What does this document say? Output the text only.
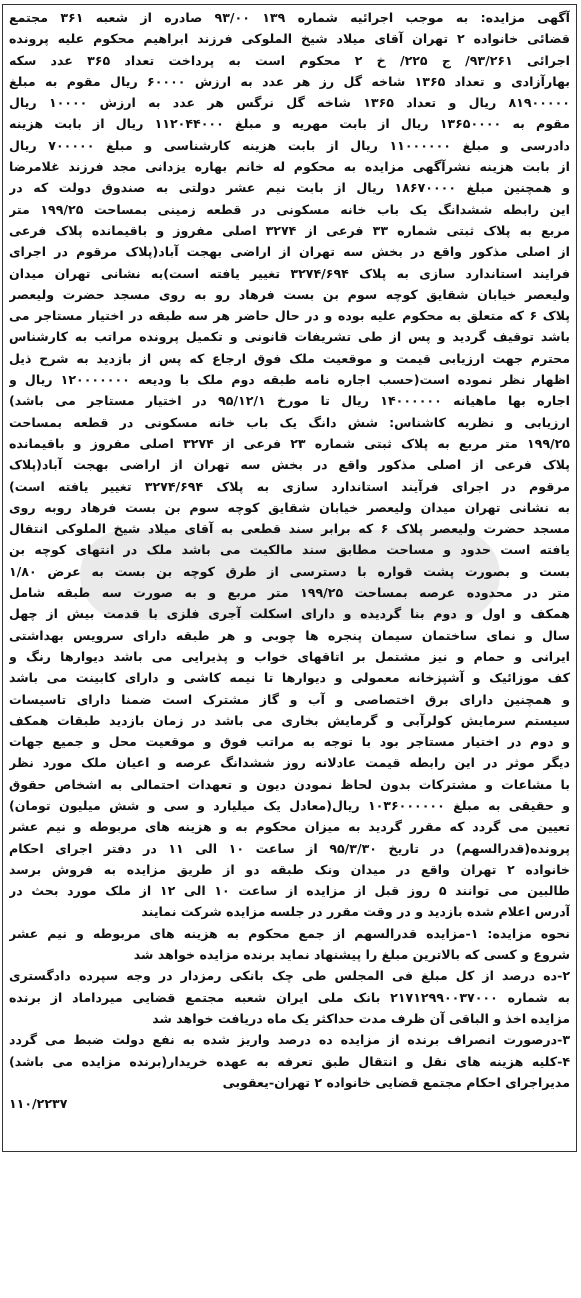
آگهی مزایده: به موجب اجرائیه شماره ۱۳۹ ۹۳/۰۰ صادره از شعبه ۳۶۱ مجتمع
قضائی خانواده ۲ تهران آقای میلاد شیخ الملوکی فرزند ابراهیم محکوم علیه پرونده
اجرائی ۹۳/۲۶۱/ ج ۲۲۵/ خ ۲ محکوم است به پرداخت تعداد ۳۶۵ عدد سکه
بهارآزادی و تعداد ۱۳۶۵ شاخه گل رز هر عدد به ارزش ۶۰۰۰۰ ریال مقوم به مبلغ
۸۱۹۰۰۰۰۰ ریال و تعداد ۱۳۶۵ شاخه گل نرگس هر عدد به ارزش ۱۰۰۰۰ ریال
مقوم به ۱۳۶۵۰۰۰۰ ریال از بابت مهریه و مبلغ ۱۱۲۰۴۴۰۰۰ ریال از بابت هزینه
دادرسی و مبلغ ۱۱۰۰۰۰۰۰ ریال از بابت هزینه کارشناسی و مبلغ ۷۰۰۰۰۰ ریال
از بابت هزینه نشرآگهی مزایده به محکوم له خانم بهاره یزدانی مجد فرزند غلامرضا
و همچنین مبلغ ۱۸۶۷۰۰۰۰ ریال از بابت نیم عشر دولتی به صندوق دولت که در
این رابطه ششدانگ یک باب خانه مسکونی در قطعه زمینی بمساحت ۱۹۹/۲۵ متر
مربع به پلاک ثبتی شماره ۳۳ فرعی از ۳۲۷۴ اصلی مفروز و باقیمانده پلاک فرعی
از اصلی مذکور واقع در بخش سه تهران از اراضی بهجت آباد(پلاک مرقوم در اجرای
فرایند استاندارد سازی به پلاک ۳۲۷۴/۶۹۴ تغییر یافته است)به نشانی تهران میدان
ولیعصر خیابان شقایق کوچه سوم بن بست فرهاد رو به روی مسجد حضرت ولیعصر
پلاک ۶ که متعلق به محکوم علیه بوده و در حال حاضر هر سه طبقه در اختیار مستاجر می
باشد توقیف گردید و پس از طی تشریفات قانونی و تکمیل پرونده مراتب به کارشناس
محترم جهت ارزیابی قیمت و موقعیت ملک فوق ارجاع که پس از بازدید به شرح ذیل
اظهار نظر نموده است(حسب اجاره نامه طبقه دوم ملک با ودیعه ۱۲۰۰۰۰۰۰۰ ریال و
اجاره بها ماهیانه ۱۴۰۰۰۰۰۰ ریال تا مورخ ۹۵/۱۲/۱ در اختیار مستاجر می باشد)
ارزیابی و نظریه کاشناس: شش دانگ یک باب خانه مسکونی در قطعه بمساحت
۱۹۹/۲۵ متر مربع به پلاک ثبتی شماره ۲۳ فرعی از ۳۲۷۴ اصلی مفروز و باقیمانده
پلاک فرعی از اصلی مذکور واقع در بخش سه تهران از اراضی بهجت آباد(پلاک
مرقوم در اجرای فرآیند استاندارد سازی به پلاک ۳۲۷۴/۶۹۴ تغییر یافته است)
به نشانی تهران میدان ولیعصر خیابان شقایق کوچه سوم بن بست فرهاد روبه روی
مسجد حضرت ولیعصر پلاک ۶ که برابر سند قطعی به آقای میلاد شیخ الملوکی انتقال
یافته است حدود و مساحت مطابق سند مالکیت می باشد ملک در انتهای کوچه بن
بست و بصورت پشت قواره با دسترسی از طرق کوچه بن بست به عرض ۱/۸۰
متر در محدوده عرصه بمساحت ۱۹۹/۲۵ متر مربع و به صورت سه طبقه شامل
همکف و اول و دوم بنا گردیده و دارای اسکلت آجری فلزی با قدمت بیش از چهل
سال و نمای ساختمان سیمان پنجره ها چوبی و هر طبقه دارای سرویس بهداشتی
ایرانی و حمام و نیز مشتمل بر اتاقهای خواب و پذیرایی می باشد دیوارها رنگ و
کف موزائیک و آشپزخانه معمولی و دیوارها تا نیمه کاشی و دارای کابینت می باشد
و همچنین دارای برق اختصاصی و آب و گاز مشترک است ضمنا دارای تاسیسات
سیستم سرمایش کولرآبی و گرمایش بخاری می باشد در زمان بازدید طبقات همکف
و دوم در اختیار مستاجر بود با توجه به مراتب فوق و موقعیت محل و جمیع جهات
دیگر موثر در این رابطه قیمت عادلانه روز ششدانگ عرصه و اعیان ملک مورد نظر
با مشاعات و مشترکات بدون لحاظ نمودن دیون و تعهدات احتمالی به اشخاص حقوق
و حقیقی به مبلغ ۱۰۳۶۰۰۰۰۰۰ ریال(معادل یک میلیارد و سی و شش میلیون تومان)
تعیین می گردد که مقرر گردید به میزان محکوم به و هزینه های مربوطه و نیم عشر
پرونده(قدرالسهم) در تاریخ ۹۵/۳/۳۰ از ساعت ۱۰ الی ۱۱ در دفتر اجرای احکام
خانواده ۲ تهران واقع در میدان ونک طبقه دو از طریق مزایده به فروش برسد
طالبین می توانند ۵ روز قبل از مزایده از ساعت ۱۰ الی ۱۲ از ملک مورد بحث در
آدرس اعلام شده بازدید و در وقت مقرر در جلسه مزایده شرکت نمایند
نحوه مزایده: ۱-مزایده قدرالسهم از جمع محکوم به هزینه های مربوطه و نیم عشر
شروع و کسی که بالاترین مبلغ را پیشنهاد نماید برنده مزایده خواهد شد
۲-ده درصد از کل مبلغ فی المجلس طی چک بانکی رمزدار در وجه سپرده دادگستری
به شماره ۲۱۷۱۲۹۹۰۰۳۷۰۰۰ بانک ملی ایران شعبه مجتمع قضایی میرداماد از برنده
مزایده اخذ و الباقی آن ظرف مدت حداکثر یک ماه دریافت خواهد شد
۳-درصورت انصراف برنده از مزایده ده درصد واریز شده به نفع دولت ضبط می گردد
۴-کلیه هزینه های نقل و انتقال طبق تعرفه به عهده خریدار(برنده مزایده می باشد)
مدیراجرای احکام مجتمع قضایی خانواده ۲ تهران-یعقوبی
۱۱۰/۲۲۳۷
